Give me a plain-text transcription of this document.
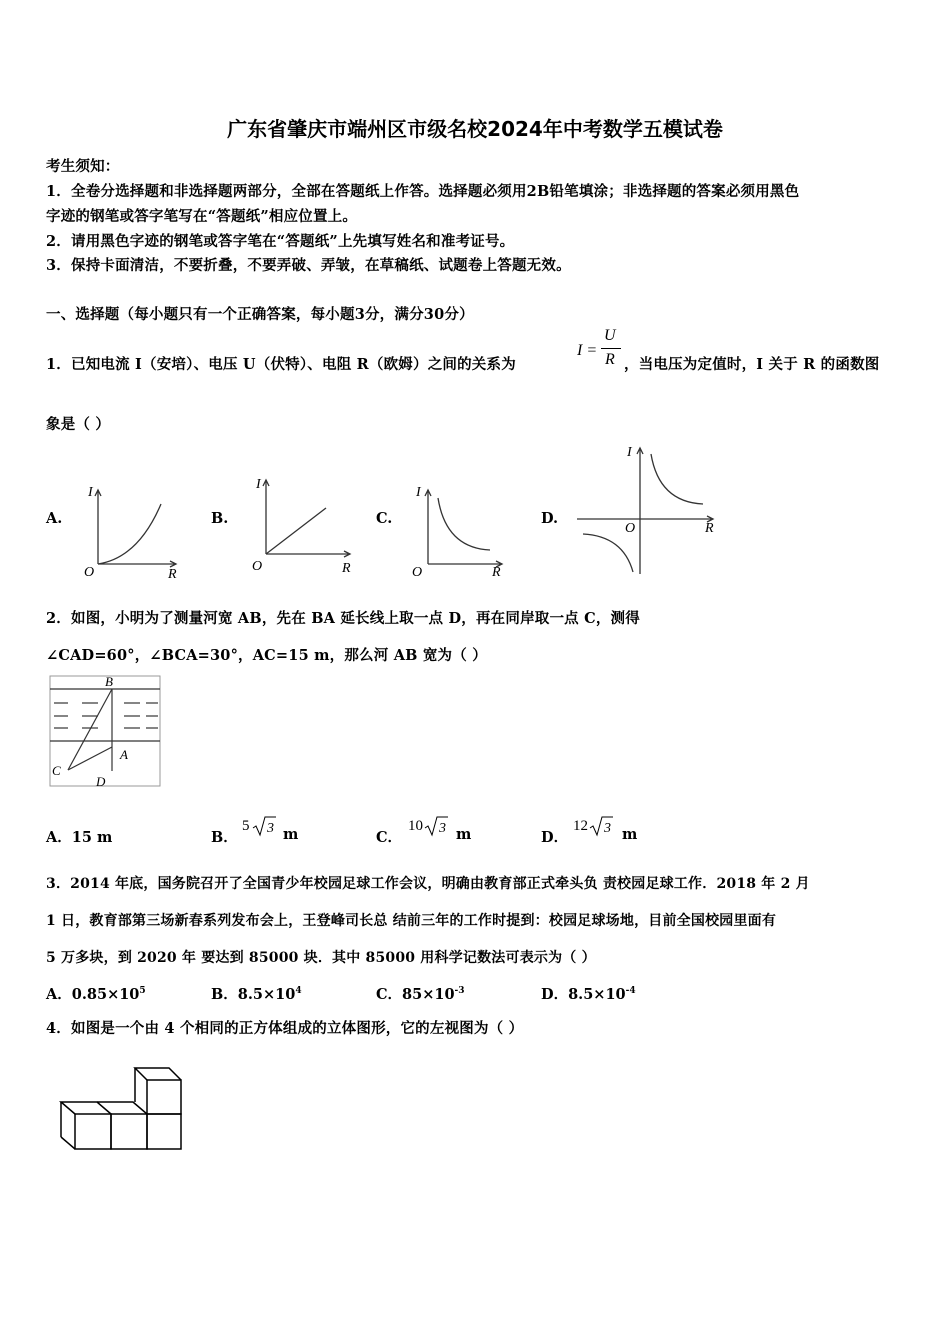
广东省肇庆市端州区市级名校2024年中考数学五模试卷
考生须知：
1．全卷分选择题和非选择题两部分，全部在答题纸上作答。选择题必须用2B铅笔填涂；非选择题的答案必须用黑色
字迹的钢笔或答字笔写在“答题纸”相应位置上。
2．请用黑色字迹的钢笔或答字笔在“答题纸”上先填写姓名和准考证号。
3．保持卡面清洁，不要折叠，不要弄破、弄皱，在草稿纸、试题卷上答题无效。
一、选择题（每小题只有一个正确答案，每小题3分，满分30分）
1．已知电流 I（安培）、电压 U（伏特）、电阻 R（欧姆）之间的关系为
I =
U
R ，当电压为定值时，I 关于 R 的函数图
象是（ ）
A.	B.	C.	D.
I
O	R
I
O	R
I
O	R
I
O	R
2．如图，小明为了测量河宽 AB，先在 BA 延长线上取一点 D，再在同岸取一点 C，测得
∠CAD=60°，∠BCA=30°，AC=15 m，那么河 AB 宽为（ ）
B
A
C
D
A．15 m	B．
5 3 m	C．
10 3 m	D．
12 3 m
3．2014 年底，国务院召开了全国青少年校园足球工作会议，明确由教育部正式牵头负 责校园足球工作．2018 年 2 月
1 日，教育部第三场新春系列发布会上，王登峰司长总 结前三年的工作时提到：校园足球场地，目前全国校园里面有
5 万多块，到 2020 年 要达到 85000 块．其中 85000 用科学记数法可表示为（ ）
A．$0.85\times 10^5$	B．$8.5\times 10^4$	C．$85\times 10^{-3}$	D．$8.5\times 10^{-4}$
4．如图是一个由 4 个相同的正方体组成的立体图形，它的左视图为（ ）
